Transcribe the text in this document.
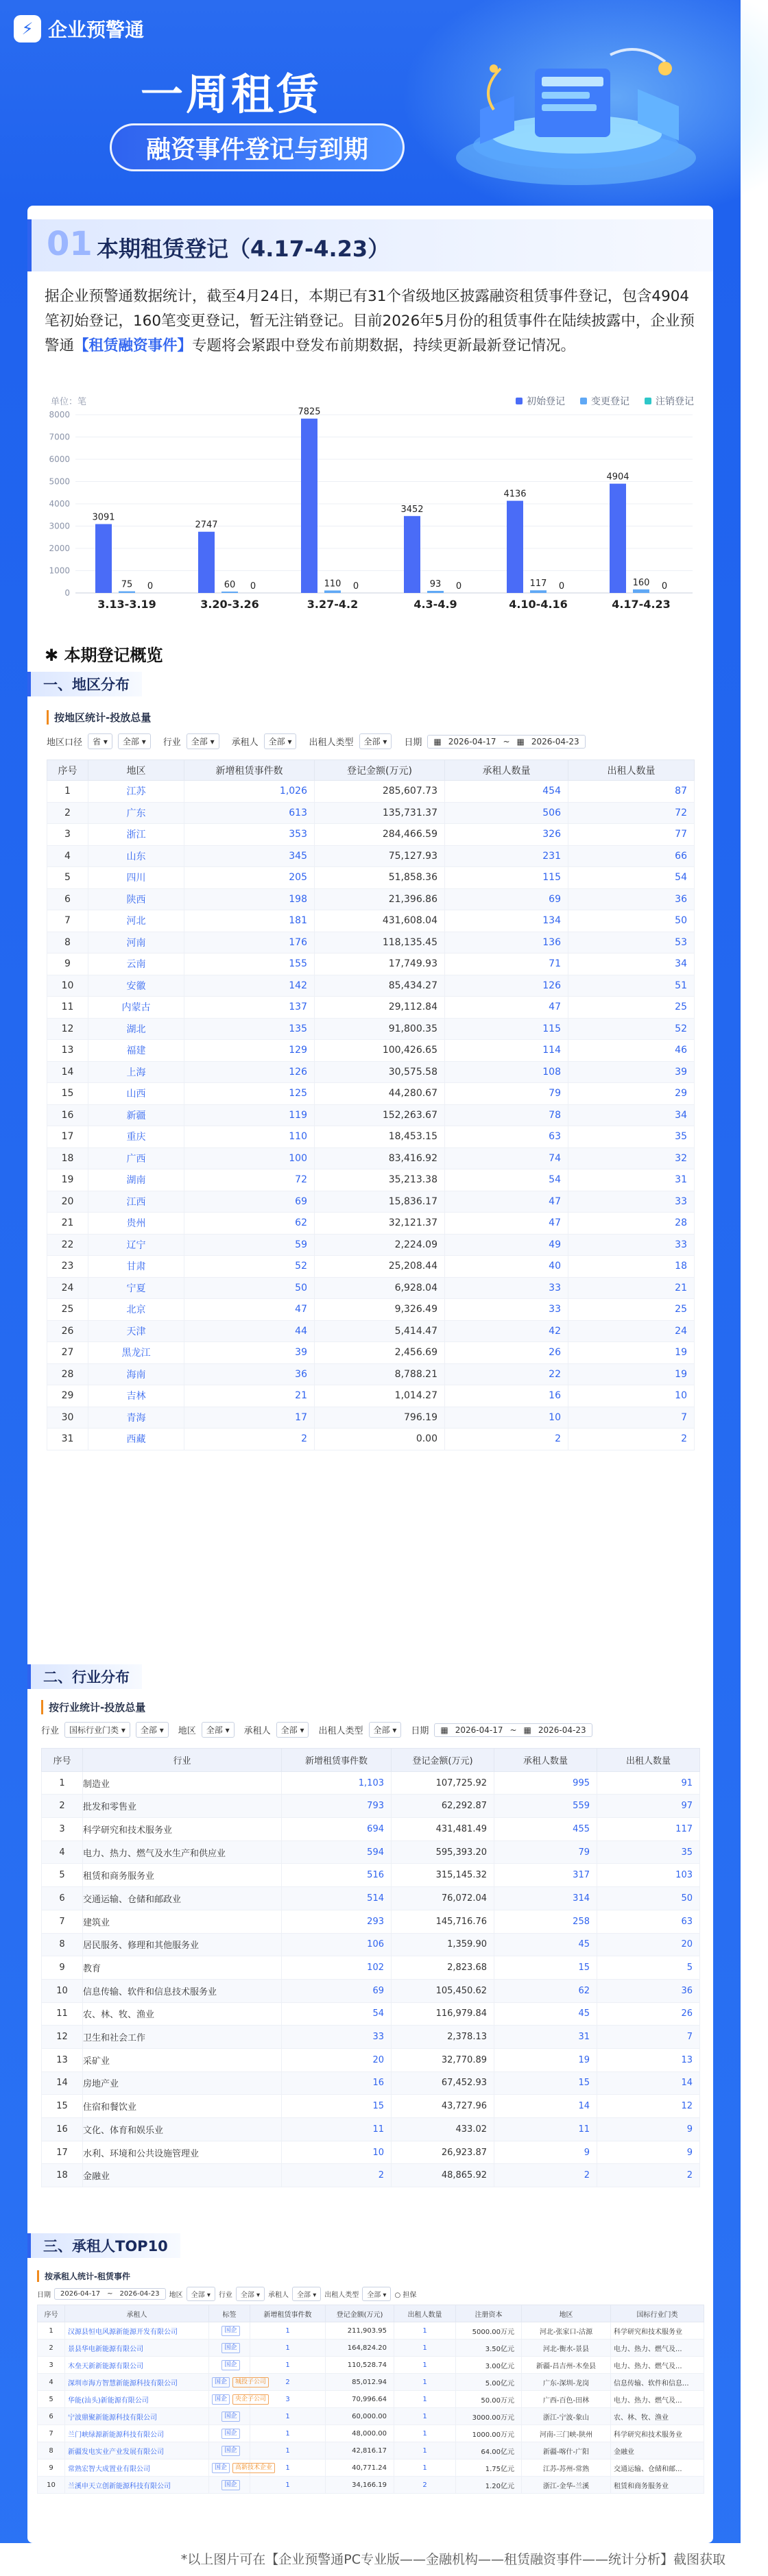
⚡ 企业预警通
一周租赁
融资事件登记与到期
01 本期租赁登记（4.17-4.23）
据企业预警通数据统计，截至4月24日，本期已有31个省级地区披露融资租赁事件登记，包含4904笔初始登记，160笔变更登记，暂无注销登记。目前2026年5月份的租赁事件在陆续披露中，企业预警通【租赁融资事件】专题将会紧跟中登发布前期数据，持续更新最新登记情况。
单位：笔	初始登记	变更登记	注销登记
0
1000
2000
3000
4000
5000
6000
7000
8000
3.13-3.19
3091
75 0
3.20-3.26
2747
60 0
3.27-4.2
7825
110 0
4.3-4.9
3452
93 0
4.10-4.16
4136
117 0
4.17-4.23
4904
160 0
✱ 本期登记概览
一、地区分布
按地区统计-投放总量
地区口径	省 ▾	全部 ▾	行业	全部 ▾	承租人	全部 ▾	出租人类型	全部 ▾	日期 ▦ 2026-04-17 ~ ▦ 2026-04-23
序号	地区	新增租赁事件数	登记金额(万元)	承租人数量	出租人数量
1	江苏	1,026	285,607.73	454	87
2	广东	613	135,731.37	506	72
3	浙江	353	284,466.59	326	77
4	山东	345	75,127.93	231	66
5	四川	205	51,858.36	115	54
6	陕西	198	21,396.86	69	36
7	河北	181	431,608.04	134	50
8	河南	176	118,135.45	136	53
9	云南	155	17,749.93	71	34
10	安徽	142	85,434.27	126	51
11	内蒙古	137	29,112.84	47	25
12	湖北	135	91,800.35	115	52
13	福建	129	100,426.65	114	46
14	上海	126	30,575.58	108	39
15	山西	125	44,280.67	79	29
16	新疆	119	152,263.67	78	34
17	重庆	110	18,453.15	63	35
18	广西	100	83,416.92	74	32
19	湖南	72	35,213.38	54	31
20	江西	69	15,836.17	47	33
21	贵州	62	32,121.37	47	28
22	辽宁	59	2,224.09	49	33
23	甘肃	52	25,208.44	40	18
24	宁夏	50	6,928.04	33	21
25	北京	47	9,326.49	33	25
26	天津	44	5,414.47	42	24
27	黑龙江	39	2,456.69	26	19
28	海南	36	8,788.21	22	19
29	吉林	21	1,014.27	16	10
30	青海	17	796.19	10	7
31	西藏	2	0.00	2	2
二、行业分布
按行业统计-投放总量
行业	国标行业门类 ▾	全部 ▾	地区	全部 ▾	承租人	全部 ▾	出租人类型	全部 ▾	日期 ▦ 2026-04-17 ~ ▦ 2026-04-23
序号	行业	新增租赁事件数	登记金额(万元)	承租人数量	出租人数量
1	制造业	1,103	107,725.92	995	91
2	批发和零售业	793	62,292.87	559	97
3	科学研究和技术服务业	694	431,481.49	455	117
4	电力、热力、燃气及水生产和供应业	594	595,393.20	79	35
5	租赁和商务服务业	516	315,145.32	317	103
6	交通运输、仓储和邮政业	514	76,072.04	314	50
7	建筑业	293	145,716.76	258	63
8	居民服务、修理和其他服务业	106	1,359.90	45	20
9	教育	102	2,823.68	15	5
10	信息传输、软件和信息技术服务业	69	105,450.62	62	36
11	农、林、牧、渔业	54	116,979.84	45	26
12	卫生和社会工作	33	2,378.13	31	7
13	采矿业	20	32,770.89	19	13
14	房地产业	16	67,452.93	15	14
15	住宿和餐饮业	15	43,727.96	14	12
16	文化、体育和娱乐业	11	433.02	11	9
17	水利、环境和公共设施管理业	10	26,923.87	9	9
18	金融业	2	48,865.92	2	2
三、承租人TOP10
按承租人统计-租赁事件
日期 2026-04-17 ~ 2026-04-23 地区	全部 ▾	行业	全部 ▾	承租人	全部 ▾	出租人类型	全部 ▾	○ 担保
序号	承租人	标签	新增租赁事件数	登记金额(万元)	出租人数量	注册资本	地区	国标行业门类
1	汉源县恒电风源新能源开发有限公司	国企	1	211,903.95	1	5000.00万元	河北-张家口-沽源	科学研究和技术服务业
2	景县华电新能源有限公司	国企	1	164,824.20	1	3.50亿元	河北-衡水-景县	电力、热力、燃气及...
3	木垒天新新能源有限公司	国企	1	110,528.74	1	3.00亿元	新疆-昌吉州-木垒县	电力、热力、燃气及...
4	深圳市海方智慧新能源科技有限公司	国企 城投子公司	2	85,012.94	1	5.00亿元	广东-深圳-龙岗	信息传输、软件和信息...
5	华能(汕头)新能源有限公司	国企 央企子公司	3	70,996.64	1	50.00万元	广西-百色-田林	电力、热力、燃气及...
6	宁波鼎聚新能源科技有限公司	国企	1	60,000.00	1	3000.00万元	浙江-宁波-象山	农、林、牧、渔业
7	兰门峡绿源新能源科技有限公司	国企	1	48,000.00	1	1000.00万元	河南-三门峡-陕州	科学研究和技术服务业
8	新疆发电实业产业发展有限公司	国企	1	42,816.17	1	64.00亿元	新疆-喀什-广阳	金融业
9	常熟宏智大成置业有限公司	国企 高新技术企业	1	40,771.24	1	1.75亿元	江苏-苏州-常熟	交通运输、仓储和邮...
10	兰溪申天立创新能源科技有限公司	国企	1	34,166.19	2	1.20亿元	浙江-金华-兰溪	租赁和商务服务业
*以上图片可在【企业预警通PC专业版——金融机构——租赁融资事件——统计分析】截图获取
